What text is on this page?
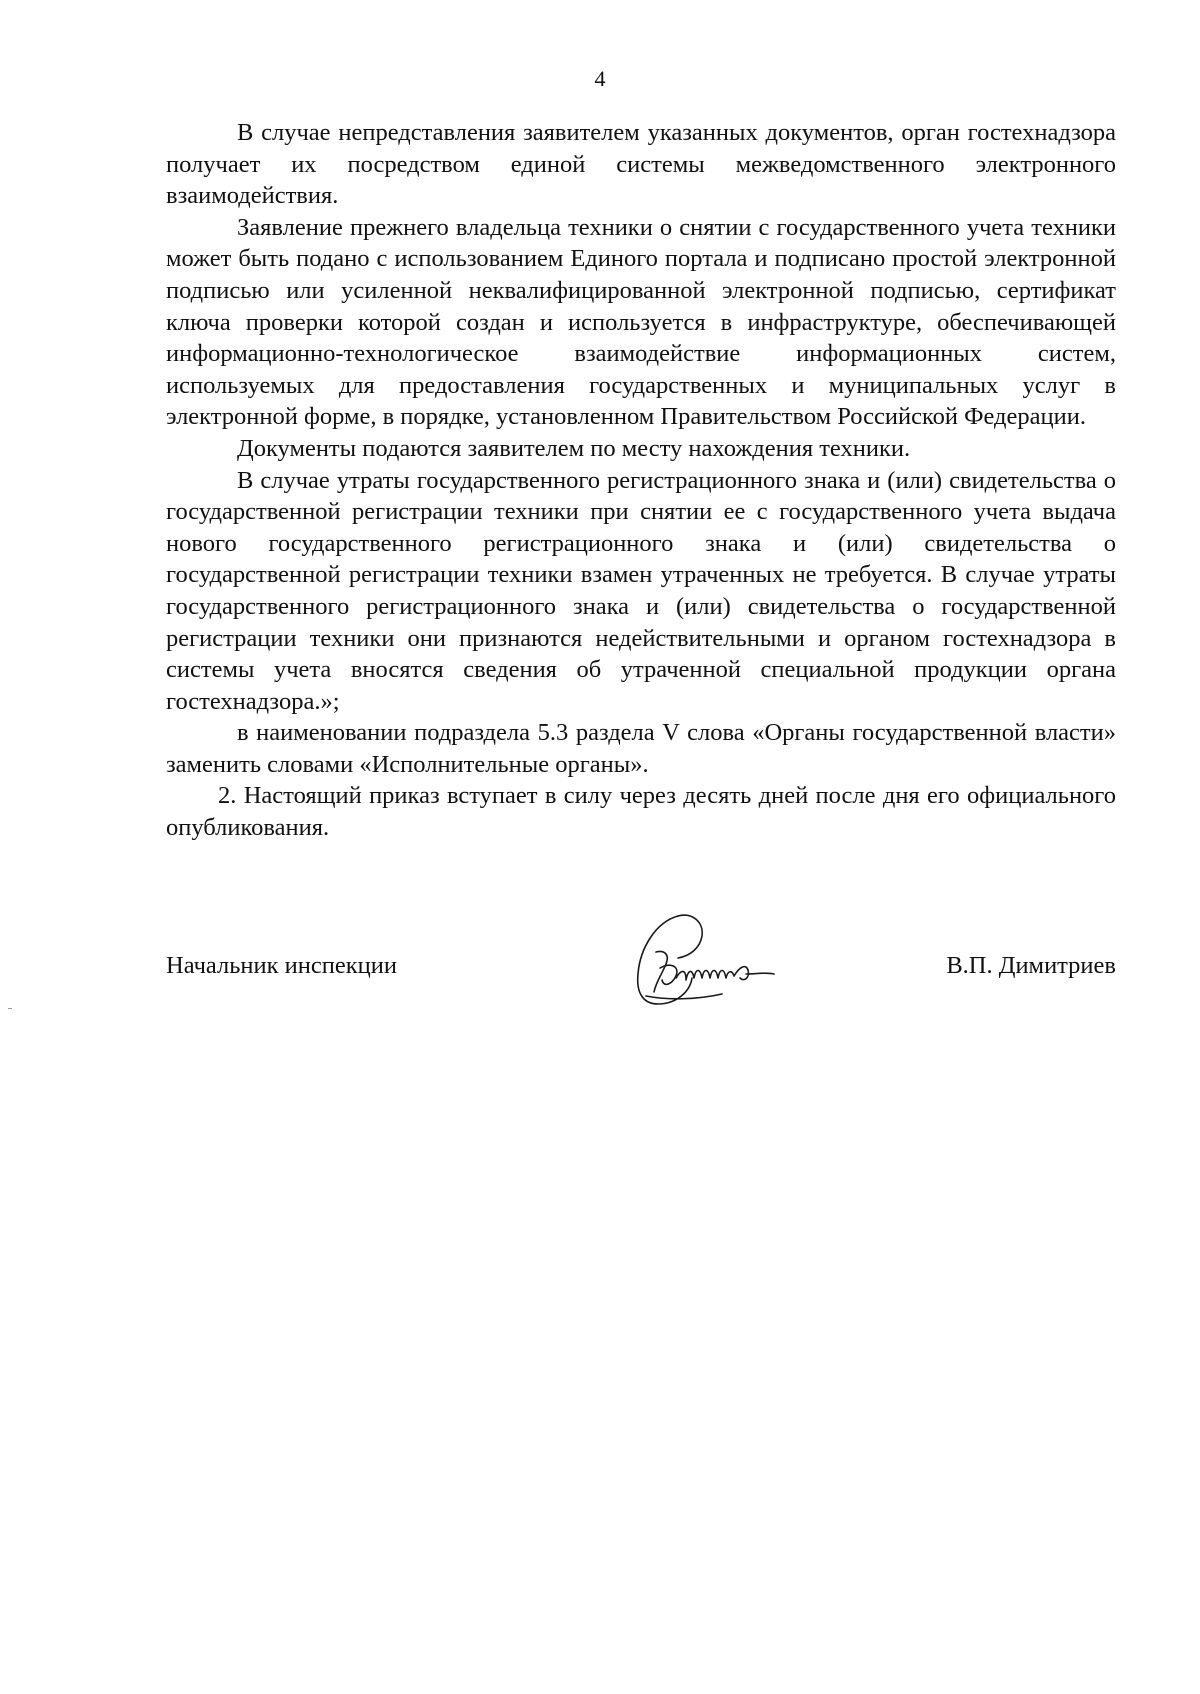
4

В случае непредставления заявителем указанных документов, орган гостехнадзора получает их посредством единой системы межведомственного электронного взаимодействия.

Заявление прежнего владельца техники о снятии с государственного учета техники может быть подано с использованием Единого портала и подписано простой электронной подписью или усиленной неквалифицированной электронной подписью, сертификат ключа проверки которой создан и используется в инфраструктуре, обеспечивающей информационно-технологическое взаимодействие информационных систем, используемых для предоставления государственных и муниципальных услуг в электронной форме, в порядке, установленном Правительством Российской Федерации.

Документы подаются заявителем по месту нахождения техники.

В случае утраты государственного регистрационного знака и (или) свидетельства о государственной регистрации техники при снятии ее с государственного учета выдача нового государственного регистрационного знака и (или) свидетельства о государственной регистрации техники взамен утраченных не требуется. В случае утраты государственного регистрационного знака и (или) свидетельства о государственной регистрации техники они признаются недействительными и органом гостехнадзора в системы учета вносятся сведения об утраченной специальной продукции органа гостехнадзора.»;

в наименовании подраздела 5.3 раздела V слова «Органы государственной власти» заменить словами «Исполнительные органы».

2. Настоящий приказ вступает в силу через десять дней после дня его официального опубликования.

Начальник инспекции	В.П. Димитриев
